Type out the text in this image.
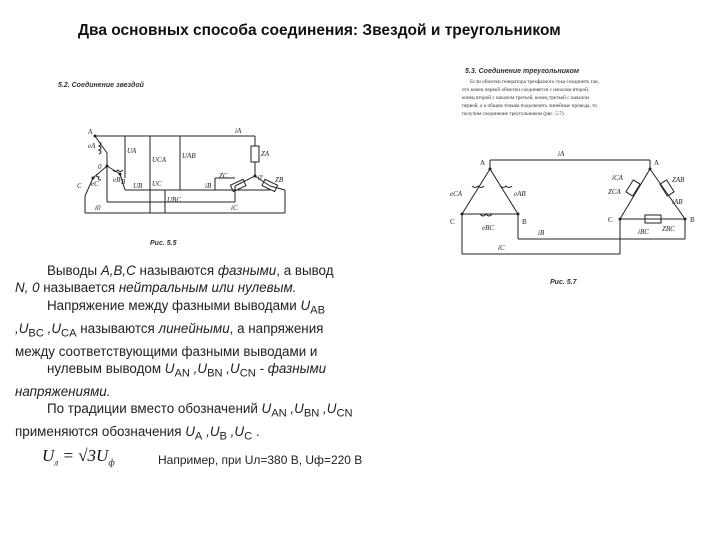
Два основных способа соединения: Звездой и треугольником
5.2. Соединение звездой
A
B
C
0
0'
eA
eB
eC
UA
UB UC
UCA UAB
UBC
ZA
ZB
ZC
iA
iB
iC
i0
Рис. 5.5
5.3. Соединение треугольником
Если обмотки генератора трехфазного тока соединить так,
что конец первой обмотки соединяется с началом второй,
конец второй с началом третьей, конец третьей с началом
первой, а к общим точкам подключить линейные провода, то
получим соединение треугольником (рис. 5.7).
A
B
C
A
B
C
eCA	eAB
eBC
iA
iB
iC
iCA
iAB
iBC
ZCA
ZAB
ZBC
Рис. 5.7

Выводы A,B,C называются фазными, а вывод

N, 0 называется нейтральным или нулевым.

Напряжение между фазными выводами $U_{AB}$

$,U_{BC}$ $,U_{CA}$ называются линейными, а напряжения

между соответствующими фазными выводами и

нулевым выводом $U_{AN}$ $,U_{BN}$ $,U_{CN}$ - фазными

напряжениями.

По традиции вместо обозначений $U_{AN}$ $,U_{BN}$ $,U_{CN}$

применяются обозначения $U_A$ $,U_B$ $,U_C$ .

$U_л = √3U_ф$	Например, при Uл=380 В, Uф=220 В
